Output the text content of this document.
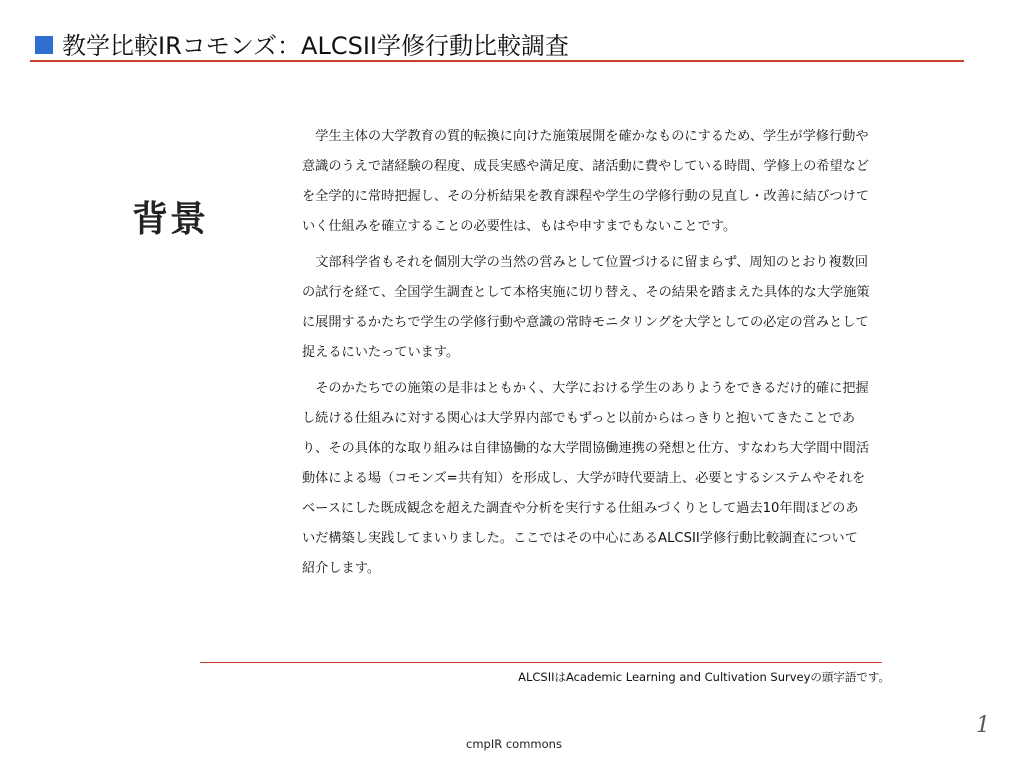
教学比較IRコモンズ：ALCSII学修行動比較調査
背景

学生主体の大学教育の質的転換に向けた施策展開を確かなものにするため、学生が学修行動や意識のうえで諸経験の程度、成長実感や満足度、諸活動に費やしている時間、学修上の希望などを全学的に常時把握し、その分析結果を教育課程や学生の学修行動の見直し・改善に結びつけていく仕組みを確立することの必要性は、もはや申すまでもないことです。

文部科学省もそれを個別大学の当然の営みとして位置づけるに留まらず、周知のとおり複数回の試行を経て、全国学生調査として本格実施に切り替え、その結果を踏まえた具体的な大学施策に展開するかたちで学生の学修行動や意識の常時モニタリングを大学としての必定の営みとして捉えるにいたっています。

そのかたちでの施策の是非はともかく、大学における学生のありようをできるだけ的確に把握し続ける仕組みに対する関心は大学界内部でもずっと以前からはっきりと抱いてきたことであり、その具体的な取り組みは自律協働的な大学間協働連携の発想と仕方、すなわち大学間中間活動体による場（コモンズ=共有知）を形成し、大学が時代要請上、必要とするシステムやそれをベースにした既成観念を超えた調査や分析を実行する仕組みづくりとして過去10年間ほどのあいだ構築し実践してまいりました。ここではその中心にあるALCSII学修行動比較調査について紹介します。

ALCSIIはAcademic Learning and Cultivation Surveyの頭字語です。
1
cmpIR commons
